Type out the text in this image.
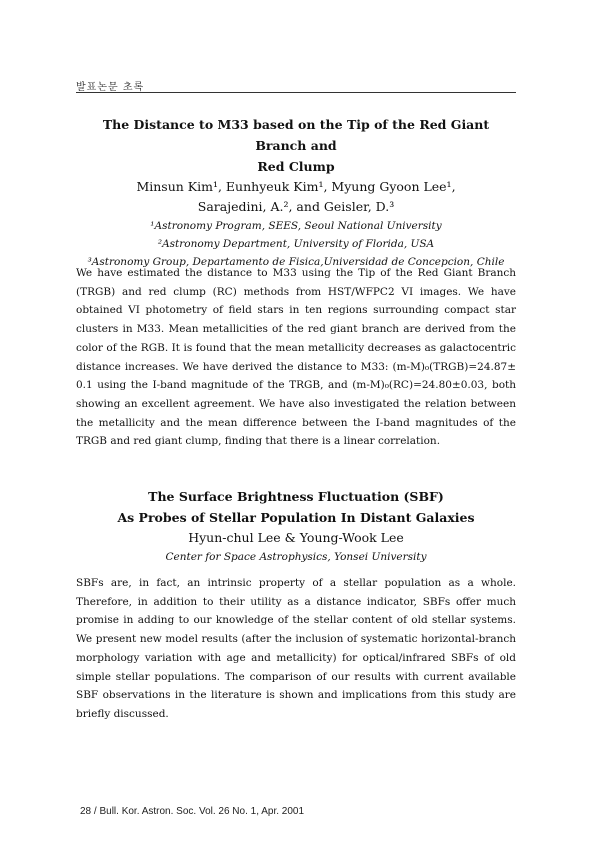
발표논문 초록
The Distance to M33 based on the Tip of the Red Giant Branch and
Red Clump
Minsun Kim¹, Eunhyeuk Kim¹, Myung Gyoon Lee¹,
Sarajedini, A.², and Geisler, D.³
¹Astronomy Program, SEES, Seoul National University
²Astronomy Department, University of Florida, USA
³Astronomy Group, Departamento de Fisica,Universidad de Concepcion, Chile
We have estimated the distance to M33 using the Tip of the Red Giant Branch (TRGB) and red clump (RC) methods from HST/WFPC2 VI images. We have obtained VI photometry of field stars in ten regions surrounding compact star clusters in M33. Mean metallicities of the red giant branch are derived from the color of the RGB. It is found that the mean metallicity decreases as galactocentric distance increases. We have derived the distance to M33: (m-M)₀(TRGB)=24.87± 0.1 using the I-band magnitude of the TRGB, and (m-M)₀(RC)=24.80±0.03, both showing an excellent agreement. We have also investigated the relation between the metallicity and the mean difference between the I-band magnitudes of the TRGB and red giant clump, finding that there is a linear correlation.
The Surface Brightness Fluctuation (SBF)
As Probes of Stellar Population In Distant Galaxies
Hyun-chul Lee & Young-Wook Lee
Center for Space Astrophysics, Yonsei University
SBFs are, in fact, an intrinsic property of a stellar population as a whole. Therefore, in addition to their utility as a distance indicator, SBFs offer much promise in adding to our knowledge of the stellar content of old stellar systems. We present new model results (after the inclusion of systematic horizontal-branch morphology variation with age and metallicity) for optical/infrared SBFs of old simple stellar populations. The comparison of our results with current available SBF observations in the literature is shown and implications from this study are briefly discussed.
28 / Bull. Kor. Astron. Soc. Vol. 26 No. 1, Apr. 2001
